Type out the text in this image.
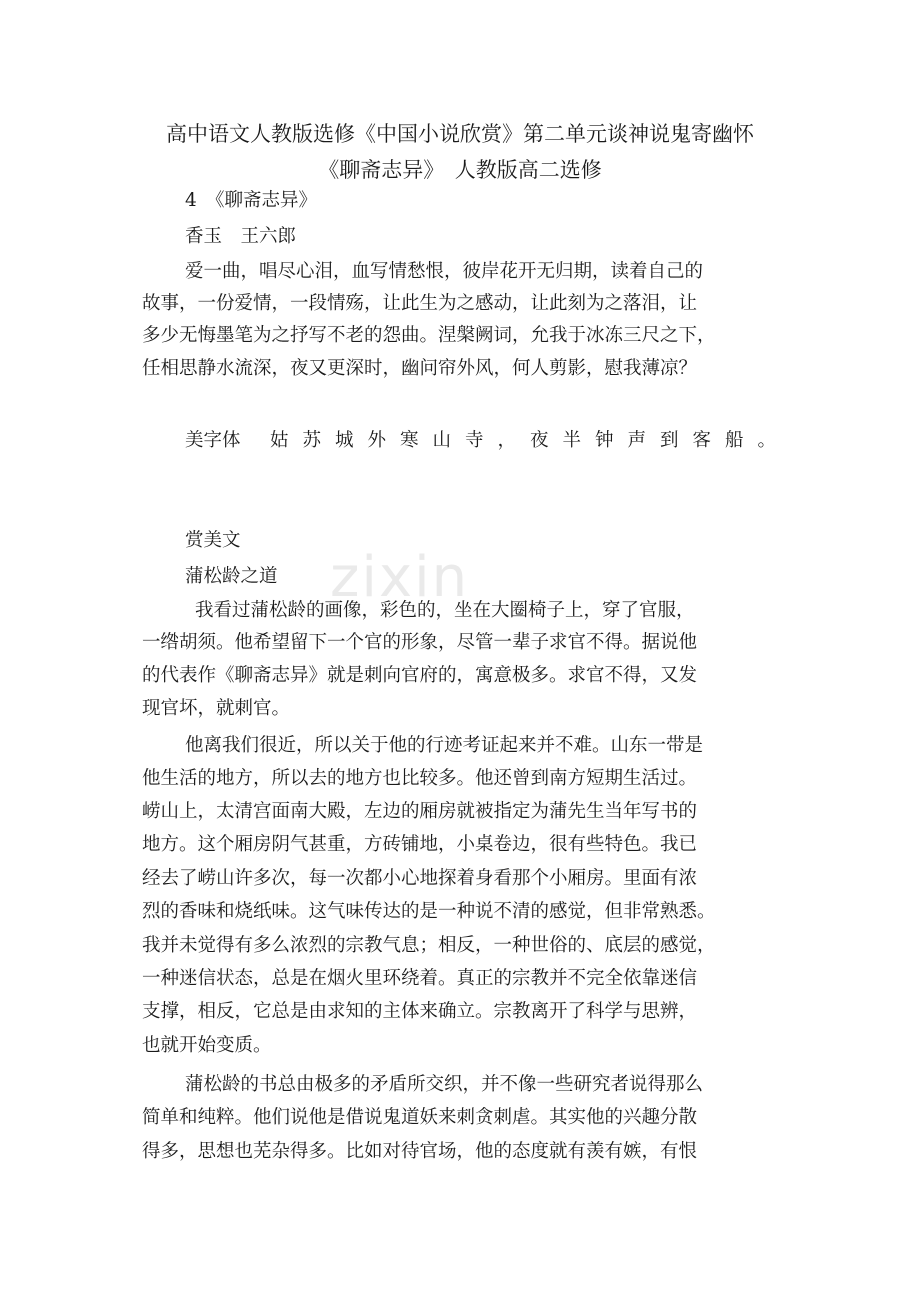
高中语文人教版选修《中国小说欣赏》第二单元谈神说鬼寄幽怀
《聊斋志异》　人教版高二选修
4　《聊斋志异》
香玉　王六郎
爱一曲，唱尽心泪，血写情愁恨，彼岸花开无归期，读着自己的
故事，一份爱情，一段情殇，让此生为之感动，让此刻为之落泪，让
多少无悔墨笔为之抒写不老的怨曲。涅槃阙词，允我于冰冻三尺之下，
任相思静水流深，夜又更深时，幽问帘外风，何人剪影，慰我薄凉？
美字体 姑苏城外寒山寺，夜半钟声到客船。
赏美文
蒲松龄之道 zixin
我看过蒲松龄的画像，彩色的，坐在大圈椅子上，穿了官服，
一绺胡须。他希望留下一个官的形象，尽管一辈子求官不得。据说他
的代表作《聊斋志异》就是刺向官府的，寓意极多。求官不得，又发
现官坏，就刺官。
他离我们很近，所以关于他的行迹考证起来并不难。山东一带是
他生活的地方，所以去的地方也比较多。他还曾到南方短期生活过。
崂山上，太清宫面南大殿，左边的厢房就被指定为蒲先生当年写书的
地方。这个厢房阴气甚重，方砖铺地，小桌卷边，很有些特色。我已
经去了崂山许多次，每一次都小心地探着身看那个小厢房。里面有浓
烈的香味和烧纸味。这气味传达的是一种说不清的感觉，但非常熟悉。
我并未觉得有多么浓烈的宗教气息；相反，一种世俗的、底层的感觉，
一种迷信状态，总是在烟火里环绕着。真正的宗教并不完全依靠迷信
支撑，相反，它总是由求知的主体来确立。宗教离开了科学与思辨，
也就开始变质。
蒲松龄的书总由极多的矛盾所交织，并不像一些研究者说得那么
简单和纯粹。他们说他是借说鬼道妖来刺贪刺虐。其实他的兴趣分散
得多，思想也芜杂得多。比如对待官场，他的态度就有羡有嫉，有恨
